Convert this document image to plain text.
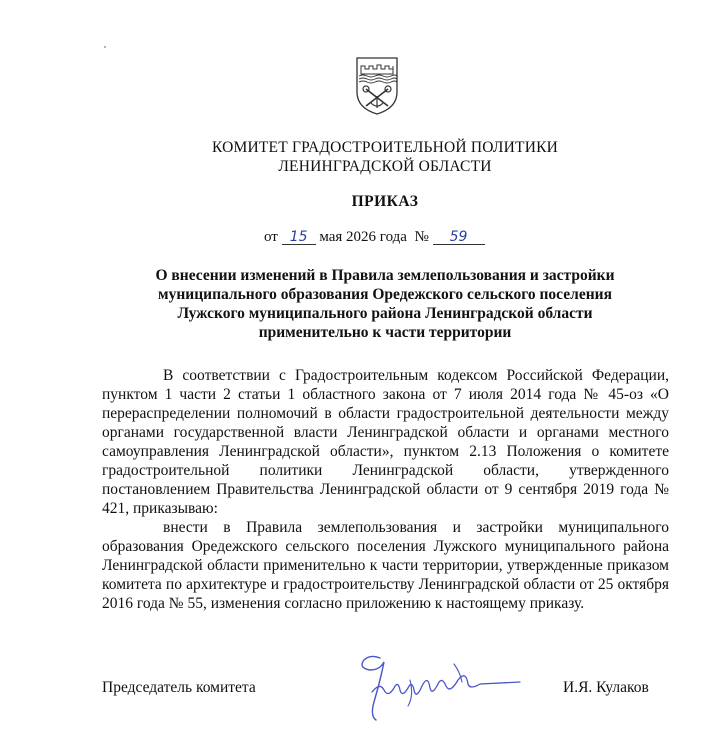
КОМИТЕТ ГРАДОСТРОИТЕЛЬНОЙ ПОЛИТИКИ
ЛЕНИНГРАДСКОЙ ОБЛАСТИ
ПРИКАЗ
от 15 мая 2026 года № 59
О внесении изменений в Правила землепользования и застройки
муниципального образования Оредежского сельского поселения
Лужского муниципального района Ленинградской области
применительно к части территории

В соответствии с Градостроительным кодексом Российской Федерации, пунктом 1 части 2 статьи 1 областного закона от 7 июля 2014 года № 45-оз «О перераспределении полномочий в области градостроительной деятельности между органами государственной власти Ленинградской области и органами местного самоуправления Ленинградской области», пунктом 2.13 Положения о комитете градостроительной политики Ленинградской области, утвержденного постановлением Правительства Ленинградской области от 9 сентября 2019 года № 421, приказываю:

внести в Правила землепользования и застройки муниципального образования Оредежского сельского поселения Лужского муниципального района Ленинградской области применительно к части территории, утвержденные приказом комитета по архитектуре и градостроительству Ленинградской области от 25 октября 2016 года № 55, изменения согласно приложению к настоящему приказу.

Председатель комитета	И.Я. Кулаков
